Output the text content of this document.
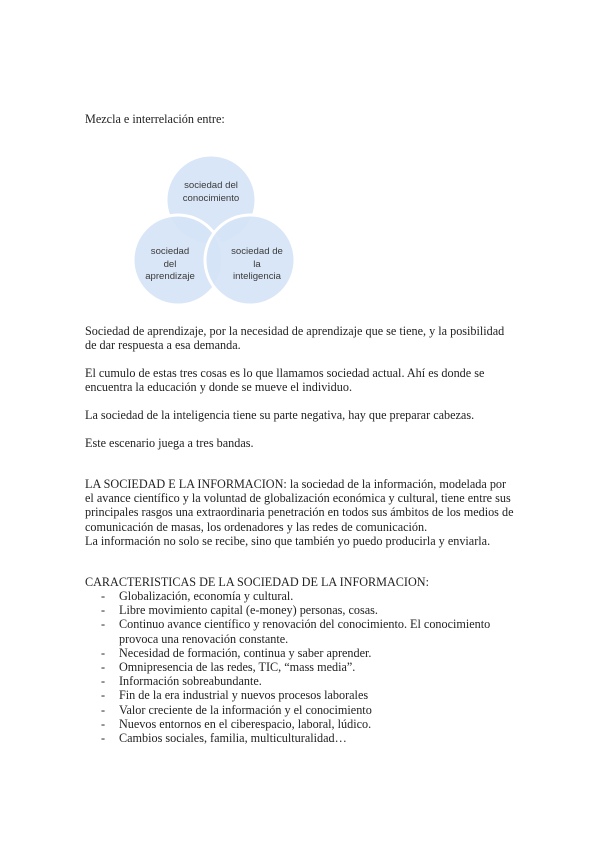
Mezcla e interrelación entre:

sociedad del
conocimiento
sociedad
del
aprendizaje
sociedad de
la
inteligencia

Sociedad de aprendizaje, por la necesidad de aprendizaje que se tiene, y la posibilidad de dar respuesta a esa demanda.

El cumulo de estas tres cosas es lo que llamamos sociedad actual. Ahí es donde se encuentra la educación y donde se mueve el individuo.

La sociedad de la inteligencia tiene su parte negativa, hay que preparar cabezas.

Este escenario juega a tres bandas.

LA SOCIEDAD E LA INFORMACION: la sociedad de la información, modelada por el avance científico y la voluntad de globalización económica y cultural, tiene entre sus principales rasgos una extraordinaria penetración en todos sus ámbitos de los medios de comunicación de masas, los ordenadores y las redes de comunicación.

La información no solo se recibe, sino que también yo puedo producirla y enviarla.

CARACTERISTICAS DE LA SOCIEDAD DE LA INFORMACION:

- Globalización, economía y cultural.
- Libre movimiento capital (e-money) personas, cosas.
- Continuo avance científico y renovación del conocimiento. El conocimiento provoca una renovación constante.
- Necesidad de formación, continua y saber aprender.
- Omnipresencia de las redes, TIC, “mass media”.
- Información sobreabundante.
- Fin de la era industrial y nuevos procesos laborales
- Valor creciente de la información y el conocimiento
- Nuevos entornos en el ciberespacio, laboral, lúdico.
- Cambios sociales, familia, multiculturalidad…
